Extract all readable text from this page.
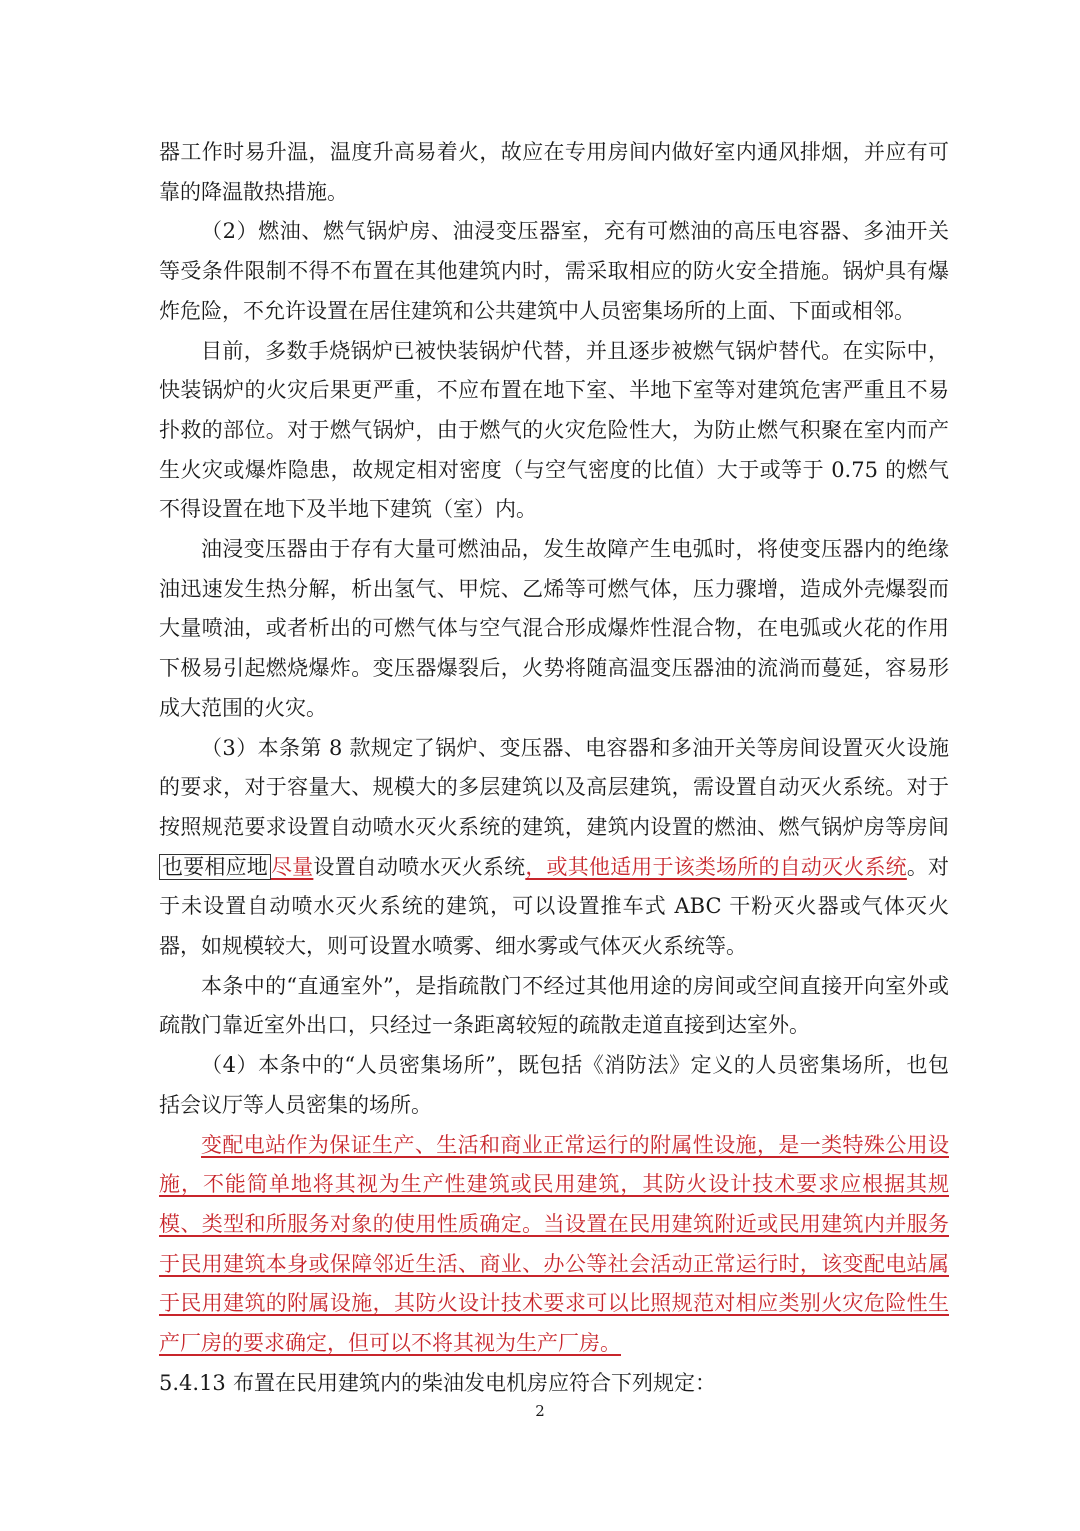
器工作时易升温，温度升高易着火，故应在专用房间内做好室内通风排烟，并应有可靠的降温散热措施。

（2）燃油、燃气锅炉房、油浸变压器室，充有可燃油的高压电容器、多油开关等受条件限制不得不布置在其他建筑内时，需采取相应的防火安全措施。锅炉具有爆炸危险，不允许设置在居住建筑和公共建筑中人员密集场所的上面、下面或相邻。

目前，多数手烧锅炉已被快装锅炉代替，并且逐步被燃气锅炉替代。在实际中，快装锅炉的火灾后果更严重，不应布置在地下室、半地下室等对建筑危害严重且不易扑救的部位。对于燃气锅炉，由于燃气的火灾危险性大，为防止燃气积聚在室内而产生火灾或爆炸隐患，故规定相对密度（与空气密度的比值）大于或等于 0.75 的燃气不得设置在地下及半地下建筑（室）内。

油浸变压器由于存有大量可燃油品，发生故障产生电弧时，将使变压器内的绝缘油迅速发生热分解，析出氢气、甲烷、乙烯等可燃气体，压力骤增，造成外壳爆裂而大量喷油，或者析出的可燃气体与空气混合形成爆炸性混合物，在电弧或火花的作用下极易引起燃烧爆炸。变压器爆裂后，火势将随高温变压器油的流淌而蔓延，容易形成大范围的火灾。

（3）本条第 8 款规定了锅炉、变压器、电容器和多油开关等房间设置灭火设施的要求，对于容量大、规模大的多层建筑以及高层建筑，需设置自动灭火系统。对于按照规范要求设置自动喷水灭火系统的建筑，建筑内设置的燃油、燃气锅炉房等房间也要相应地 尽量设置自动喷水灭火系统，或其他适用于该类场所的自动灭火系统。对于未设置自动喷水灭火系统的建筑，可以设置推车式 ABC 干粉灭火器或气体灭火器，如规模较大，则可设置水喷雾、细水雾或气体灭火系统等。

本条中的“直通室外”，是指疏散门不经过其他用途的房间或空间直接开向室外或疏散门靠近室外出口，只经过一条距离较短的疏散走道直接到达室外。

（4）本条中的“人员密集场所”，既包括《消防法》定义的人员密集场所，也包括会议厅等人员密集的场所。

变配电站作为保证生产、生活和商业正常运行的附属性设施，是一类特殊公用设施，不能简单地将其视为生产性建筑或民用建筑，其防火设计技术要求应根据其规模、类型和所服务对象的使用性质确定。当设置在民用建筑附近或民用建筑内并服务于民用建筑本身或保障邻近生活、商业、办公等社会活动正常运行时，该变配电站属于民用建筑的附属设施，其防火设计技术要求可以比照规范对相应类别火灾危险性生产厂房的要求确定，但可以不将其视为生产厂房。

5.4.13 布置在民用建筑内的柴油发电机房应符合下列规定：

2
